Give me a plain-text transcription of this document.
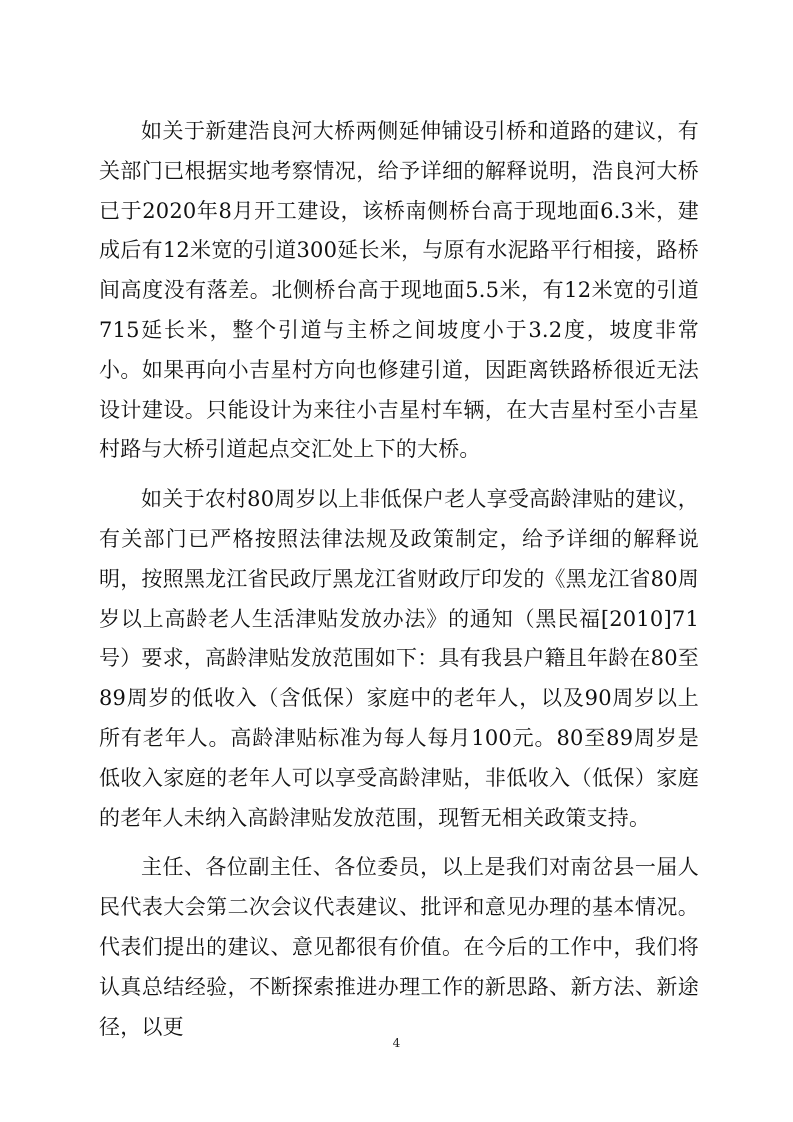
如关于新建浩良河大桥两侧延伸铺设引桥和道路的建议，有关部门已根据实地考察情况，给予详细的解释说明，浩良河大桥已于2020年8月开工建设，该桥南侧桥台高于现地面6.3米，建成后有12米宽的引道300延长米，与原有水泥路平行相接，路桥间高度没有落差。北侧桥台高于现地面5.5米，有12米宽的引道715延长米，整个引道与主桥之间坡度小于3.2度，坡度非常小。如果再向小吉星村方向也修建引道，因距离铁路桥很近无法设计建设。只能设计为来往小吉星村车辆，在大吉星村至小吉星村路与大桥引道起点交汇处上下的大桥。

如关于农村80周岁以上非低保户老人享受高龄津贴的建议，有关部门已严格按照法律法规及政策制定，给予详细的解释说明，按照黑龙江省民政厅黑龙江省财政厅印发的《黑龙江省80周岁以上高龄老人生活津贴发放办法》的通知（黑民福[2010]71号）要求，高龄津贴发放范围如下：具有我县户籍且年龄在80至89周岁的低收入（含低保）家庭中的老年人，以及90周岁以上所有老年人。高龄津贴标准为每人每月100元。80至89周岁是低收入家庭的老年人可以享受高龄津贴，非低收入（低保）家庭的老年人未纳入高龄津贴发放范围，现暂无相关政策支持。

主任、各位副主任、各位委员，以上是我们对南岔县一届人民代表大会第二次会议代表建议、批评和意见办理的基本情况。代表们提出的建议、意见都很有价值。在今后的工作中，我们将认真总结经验，不断探索推进办理工作的新思路、新方法、新途径，以更

4
